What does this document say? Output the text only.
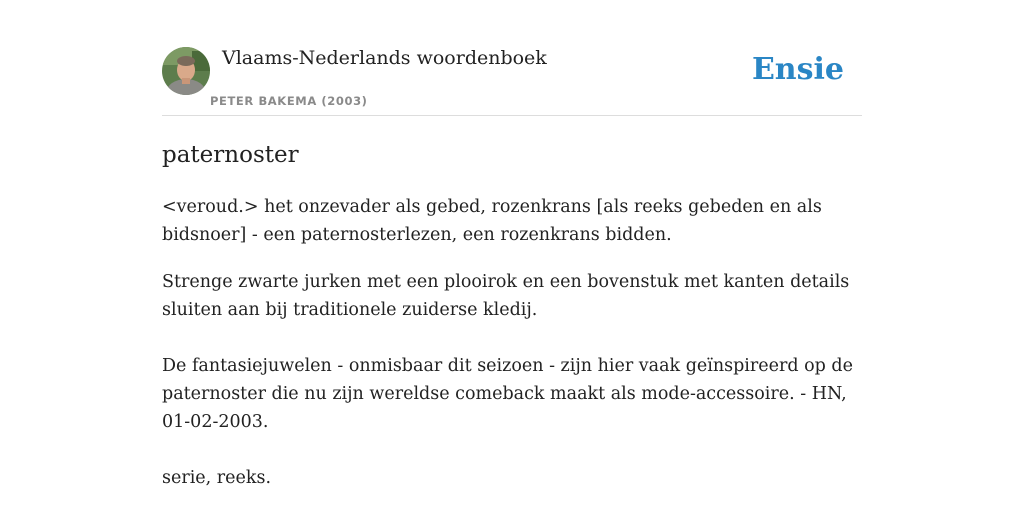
Vlaams-Nederlands woordenboek
PETER BAKEMA (2003)
Ensie
paternoster

<veroud.> het onzevader als gebed, rozenkrans [als reeks gebeden en als bidsnoer] - een paternosterlezen, een rozenkrans bidden.

Strenge zwarte jurken met een plooirok en een bovenstuk met kanten details sluiten aan bij traditionele zuiderse kledij.

De fantasiejuwelen - onmisbaar dit seizoen - zijn hier vaak geïnspireerd op de paternoster die nu zijn wereldse comeback maakt als mode-accessoire. - HN, 01-02-2003.

serie, reeks.
